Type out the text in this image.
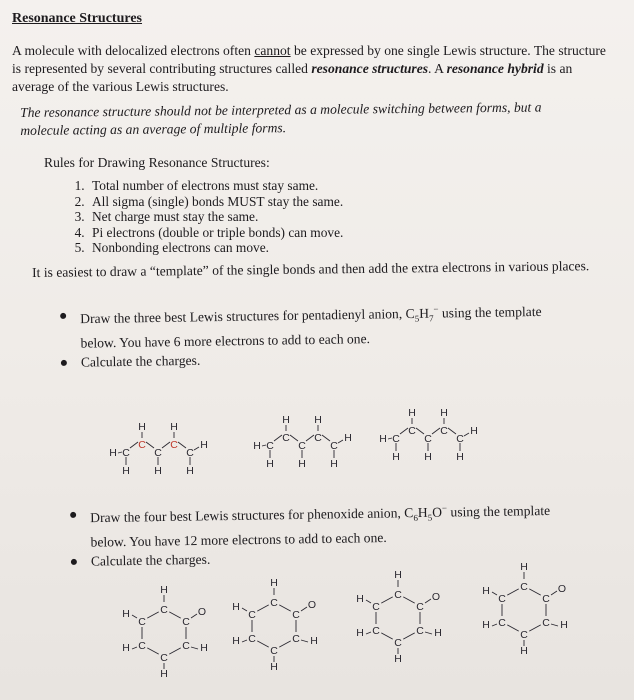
Resonance Structures
A molecule with delocalized electrons often cannot be expressed by one single Lewis structure. The structure is represented by several contributing structures called resonance structures. A resonance hybrid is an average of the various Lewis structures.
The resonance structure should not be interpreted as a molecule switching between forms, but a molecule acting as an average of multiple forms.
Rules for Drawing Resonance Structures:
1. Total number of electrons must stay same.
2. All sigma (single) bonds MUST stay the same.
3. Net charge must stay the same.
4. Pi electrons (double or triple bonds) can move.
5. Nonbonding electrons can move.
It is easiest to draw a “template” of the single bonds and then add the extra electrons in various places.
Draw the three best Lewis structures for pentadienyl anion, $C_5H_7^-$ using the template below. You have 6 more electrons to add to each one.
Calculate the charges.
H C
C
C
C
C
H
H H
H H H
H C
C
C
C
C
H
H H
H H H
H C
C
C
C
C
H
H H
H H H
Draw the four best Lewis structures for phenoxide anion, $C_6H_5O^-$ using the template below. You have 12 more electrons to add to each one.
Calculate the charges.
C
C
C
C
C
C
O
H
H
H
H
H
C
C
C
C
C
C
O
H
H
H
H
H
C
C
C
C
C
C
O
H
H
H
H
H
C
C
C
C
C
C
O
H
H
H
H
H
